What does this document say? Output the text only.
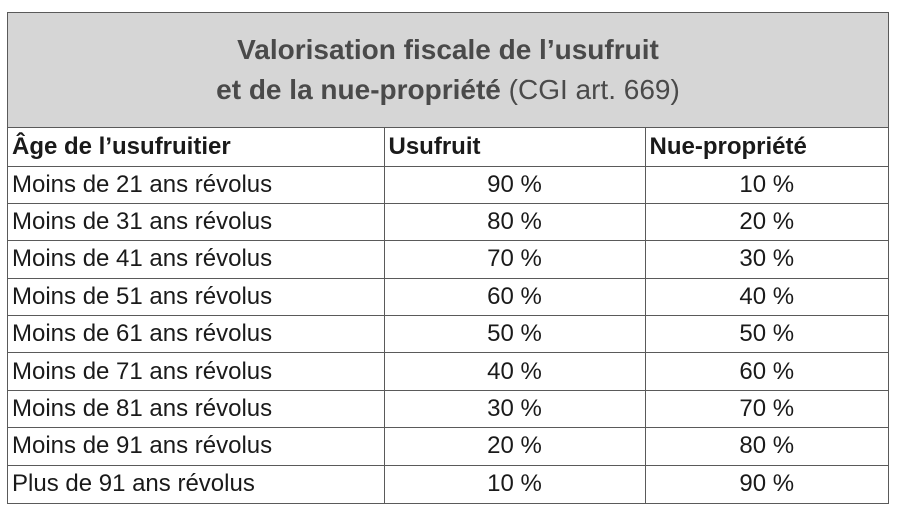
Valorisation fiscale de l’usufruit
et de la nue-propriété (CGI art. 669)
Âge de l’usufruitier	Usufruit	Nue-propriété
Moins de 21 ans révolus	90 %	10 %
Moins de 31 ans révolus	80 %	20 %
Moins de 41 ans révolus	70 %	30 %
Moins de 51 ans révolus	60 %	40 %
Moins de 61 ans révolus	50 %	50 %
Moins de 71 ans révolus	40 %	60 %
Moins de 81 ans révolus	30 %	70 %
Moins de 91 ans révolus	20 %	80 %
Plus de 91 ans révolus	10 %	90 %
